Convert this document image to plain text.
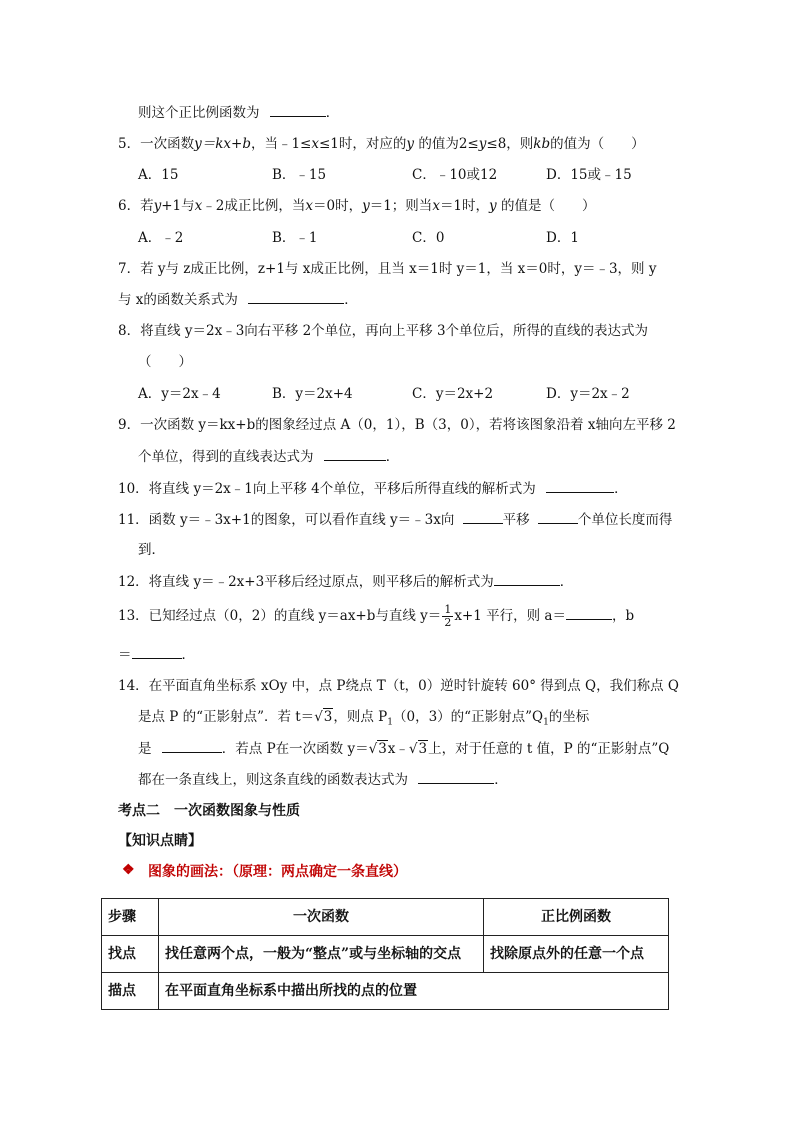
则这个正比例函数为	．
5．一次函数y＝kx+b，当﹣1≤x≤1时，对应的y 的值为2≤y≤8，则kb的值为（　　）
A．15	B．﹣15	C．﹣10或12	D．15或﹣15
6．若y+1与x﹣2成正比例，当x＝0时，y＝1；则当x＝1时，y 的值是（　　）
A．﹣2	B．﹣1	C．0	D．1
7．若 y与 z成正比例，z+1与 x成正比例，且当 x＝1时 y＝1，当 x＝0时，y＝﹣3，则 y
与 x的函数关系式为	．
8．将直线 y＝2x﹣3向右平移 2个单位，再向上平移 3个单位后，所得的直线的表达式为
（　　）
A．y＝2x﹣4	B．y＝2x+4	C．y＝2x+2	D．y＝2x﹣2
9．一次函数 y＝kx+b的图象经过点 A（0，1），B（3，0），若将该图象沿着 x轴向左平移 2
个单位，得到的直线表达式为	．
10．将直线 y＝2x﹣1向上平移 4个单位，平移后所得直线的解析式为	．
11．函数 y＝﹣3x+1的图象，可以看作直线 y＝﹣3x向	平移	个单位长度而得
到．
12．将直线 y＝﹣2x+3平移后经过原点，则平移后的解析式为	．
13．已知经过点（0，2）的直线 y＝ax+b与直线 $y= \frac{1}{2} x+1$ 平行，则 a＝	，b
＝	．
14．在平面直角坐标系 xOy 中，点 P绕点 T（t，0）逆时针旋转 60° 得到点 Q，我们称点 Q
是点 P 的“正影射点”．若 t＝√3，则点 $P_1(0$，3）的“正影射点$”Q_1$的坐标
是	．若点 P在一次函数 y＝√3x﹣√3上，对于任意的 t 值，P 的“正影射点”Q
都在一条直线上，则这条直线的函数表达式为	．
考点二　一次函数图象与性质
【知识点睛】
❖ 图象的画法：（原理：两点确定一条直线）
步骤	一次函数	正比例函数
找点	找任意两个点，一般为“整点”或与坐标轴的交点	找除原点外的任意一个点
描点	在平面直角坐标系中描出所找的点的位置	
